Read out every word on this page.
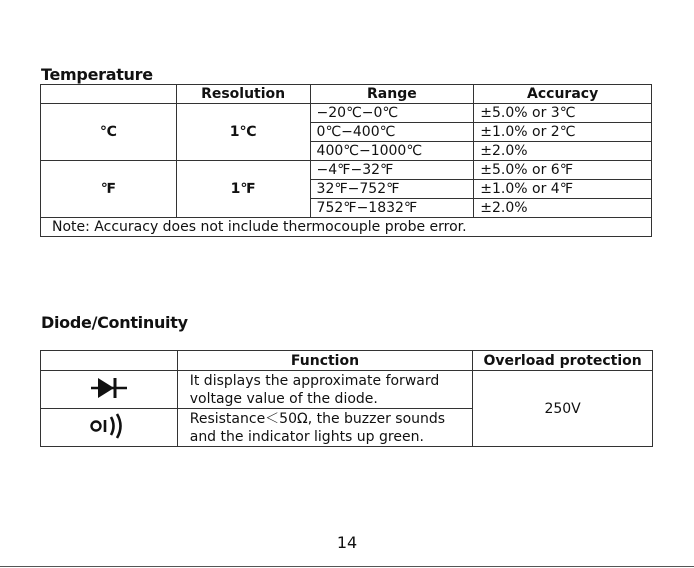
Temperature
	Resolution	Range	Accuracy
℃	1℃	−20℃−0℃	±5.0% or 3℃
		0℃−400℃	±1.0% or 2℃
		400℃−1000℃	±2.0%
℉	1℉	−4℉−32℉	±5.0% or 6℉
		32℉−752℉	±1.0% or 4℉
		752℉−1832℉	±2.0%
Note: Accuracy does not include thermocouple probe error.			
Diode/Continuity
	Function	Overload protection
	It displays the approximate forward voltage value of the diode.	250V
	Resistance＜50Ω, the buzzer sounds and the indicator lights up green.	
14
